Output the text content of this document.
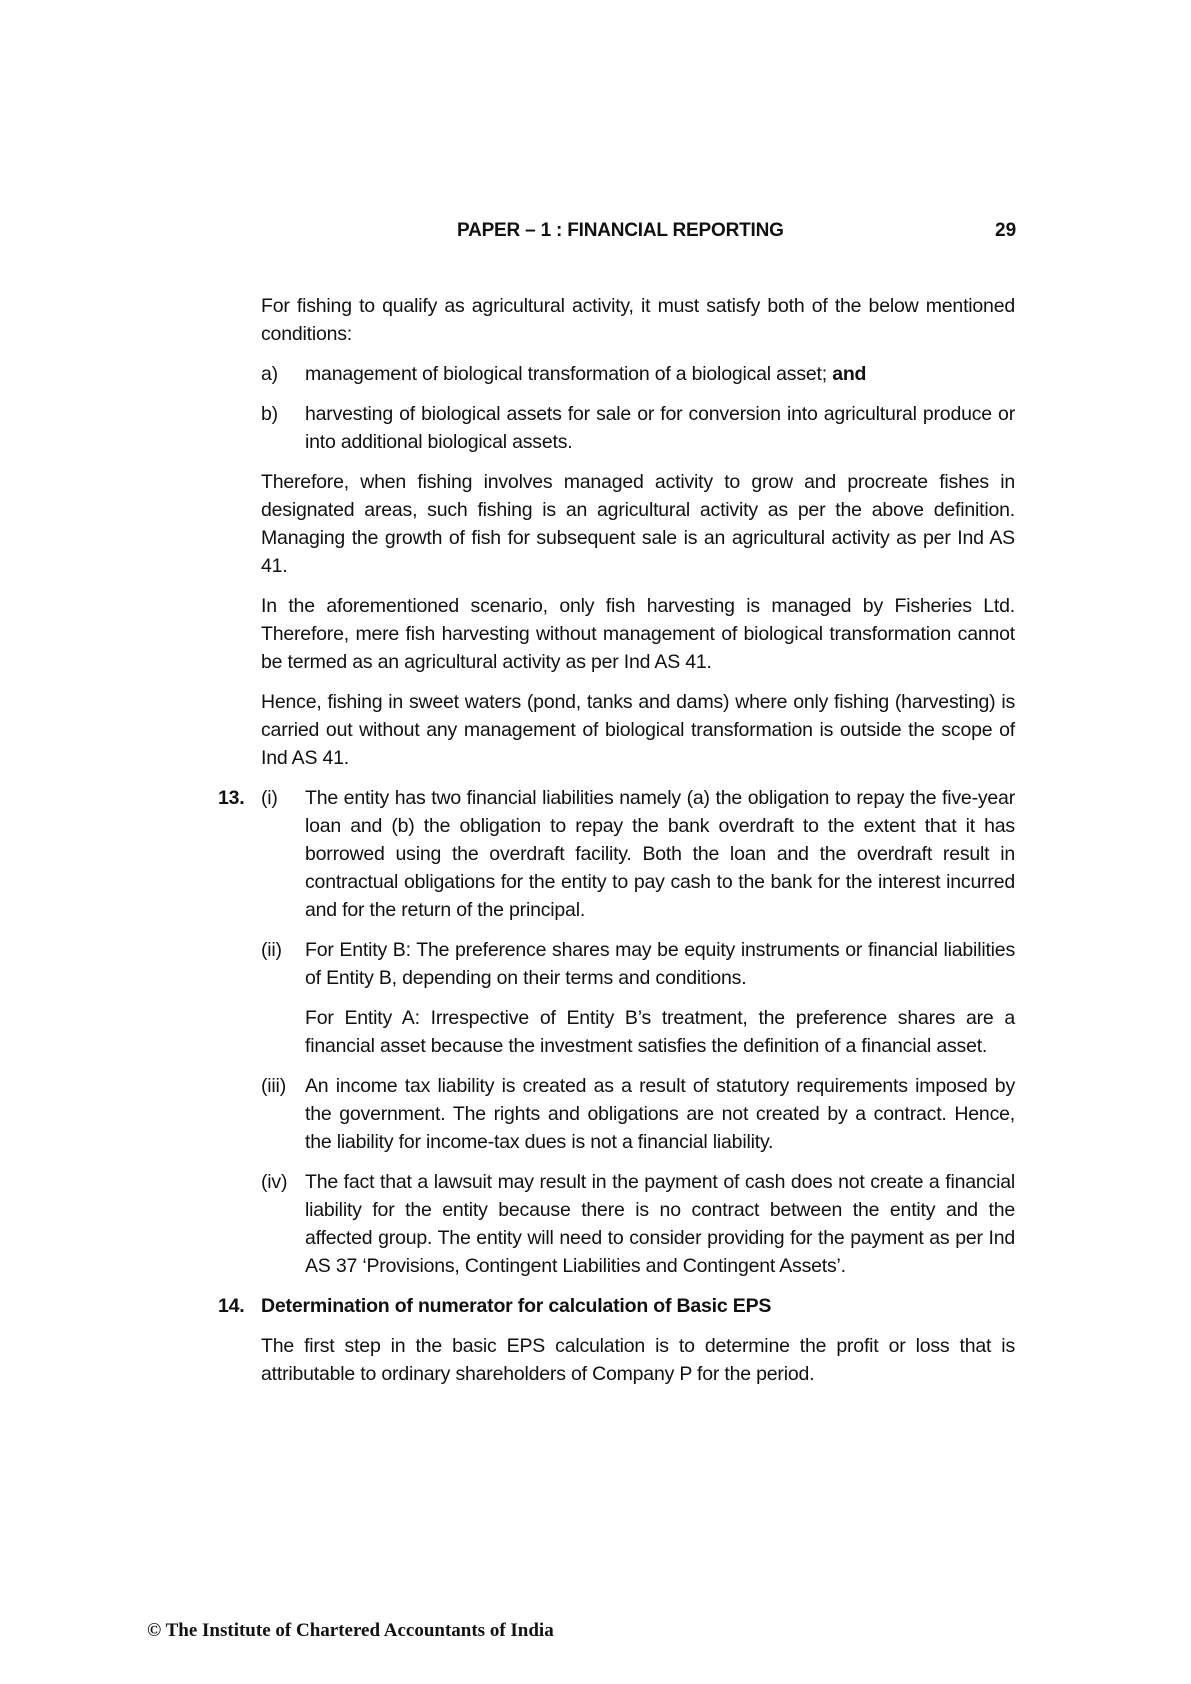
PAPER – 1 : FINANCIAL REPORTING	29

For fishing to qualify as agricultural activity, it must satisfy both of the below mentioned conditions:

a) management of biological transformation of a biological asset; and
b) harvesting of biological assets for sale or for conversion into agricultural produce or into additional biological assets.

Therefore, when fishing involves managed activity to grow and procreate fishes in designated areas, such fishing is an agricultural activity as per the above definition. Managing the growth of fish for subsequent sale is an agricultural activity as per Ind AS 41.

In the aforementioned scenario, only fish harvesting is managed by Fisheries Ltd. Therefore, mere fish harvesting without management of biological transformation cannot be termed as an agricultural activity as per Ind AS 41.

Hence, fishing in sweet waters (pond, tanks and dams) where only fishing (harvesting) is carried out without any management of biological transformation is outside the scope of Ind AS 41.

13. (i) The entity has two financial liabilities namely (a) the obligation to repay the five-year loan and (b) the obligation to repay the bank overdraft to the extent that it has borrowed using the overdraft facility. Both the loan and the overdraft result in contractual obligations for the entity to pay cash to the bank for the interest incurred and for the return of the principal.
(ii) For Entity B: The preference shares may be equity instruments or financial liabilities of Entity B, depending on their terms and conditions.

For Entity A: Irrespective of Entity B’s treatment, the preference shares are a financial asset because the investment satisfies the definition of a financial asset.

(iii) An income tax liability is created as a result of statutory requirements imposed by the government. The rights and obligations are not created by a contract. Hence, the liability for income-tax dues is not a financial liability.
(iv) The fact that a lawsuit may result in the payment of cash does not create a financial liability for the entity because there is no contract between the entity and the affected group. The entity will need to consider providing for the payment as per Ind AS 37 ‘Provisions, Contingent Liabilities and Contingent Assets’.
14. Determination of numerator for calculation of Basic EPS

The first step in the basic EPS calculation is to determine the profit or loss that is attributable to ordinary shareholders of Company P for the period.

© The Institute of Chartered Accountants of India
